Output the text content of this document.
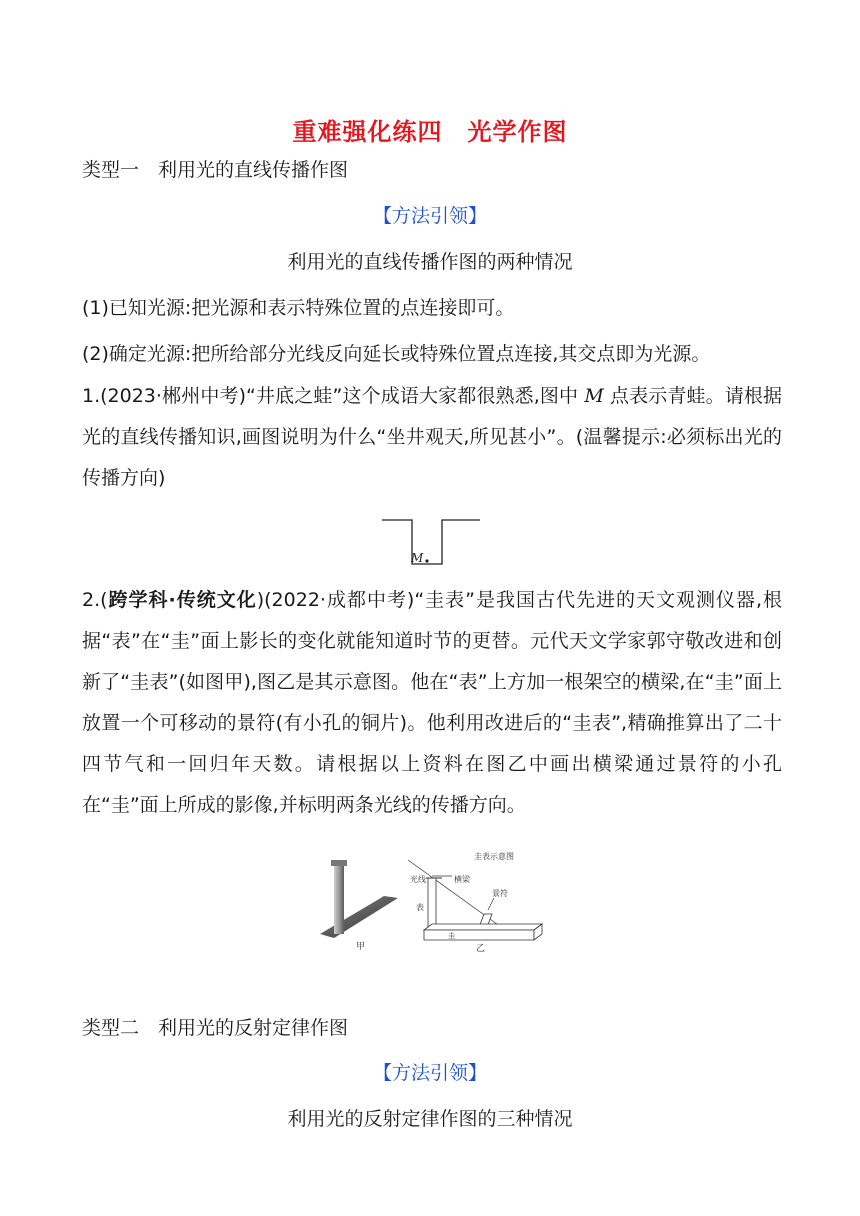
重难强化练四　光学作图
类型一　利用光的直线传播作图
【方法引领】
利用光的直线传播作图的两种情况
(1)已知光源:把光源和表示特殊位置的点连接即可。
(2)确定光源:把所给部分光线反向延长或特殊位置点连接,其交点即为光源。
1.(2023·郴州中考)“井底之蛙”这个成语大家都很熟悉,图中 M 点表示青蛙。请根据光的直线传播知识,画图说明为什么“坐井观天,所见甚小”。(温馨提示:必须标出光的传播方向)
M
2.(跨学科·传统文化)(2022·成都中考)“圭表”是我国古代先进的天文观测仪器,根据“表”在“圭”面上影长的变化就能知道时节的更替。元代天文学家郭守敬改进和创新了“圭表”(如图甲),图乙是其示意图。他在“表”上方加一根架空的横梁,在“圭”面上放置一个可移动的景符(有小孔的铜片)。他利用改进后的“圭表”,精确推算出了二十四节气和一回归年天数。请根据以上资料在图乙中画出横梁通过景符的小孔在“圭”面上所成的影像,并标明两条光线的传播方向。
甲
圭表示意图
光线	横梁
景符
表
圭
乙
类型二　利用光的反射定律作图
【方法引领】
利用光的反射定律作图的三种情况
